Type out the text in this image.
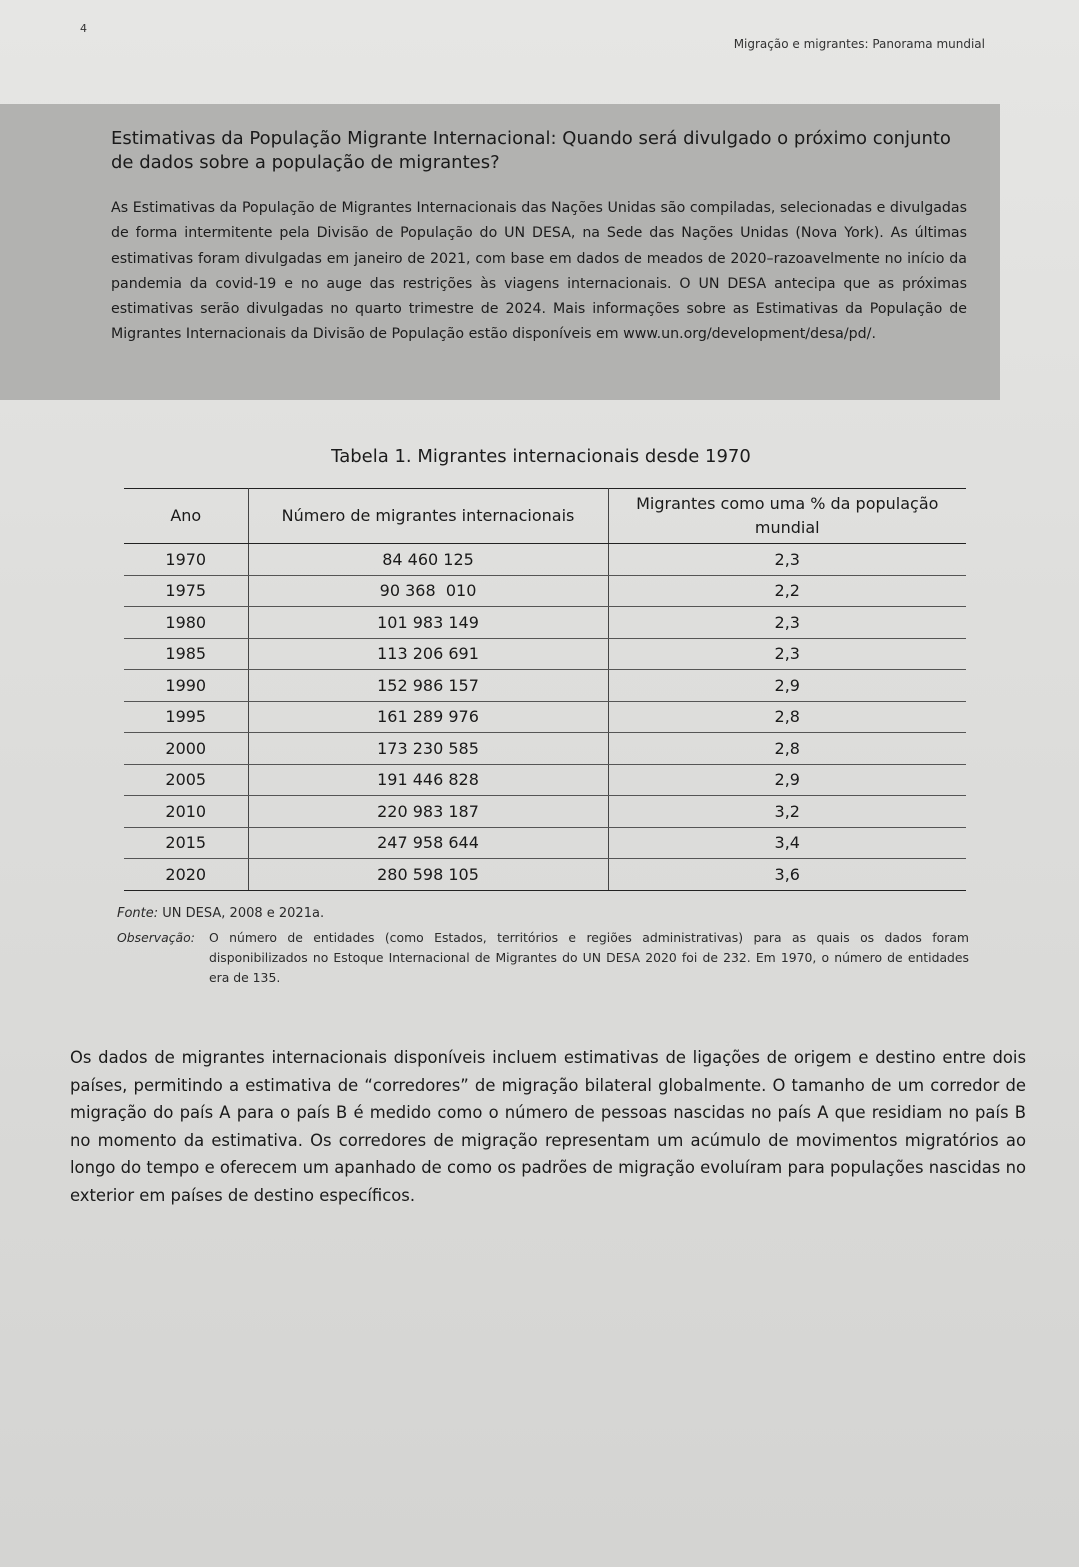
4
Migração e migrantes: Panorama mundial
Estimativas da População Migrante Internacional: Quando será divulgado o próximo conjunto de dados sobre a população de migrantes?
As Estimativas da População de Migrantes Internacionais das Nações Unidas são compiladas, selecionadas e divulgadas de forma intermitente pela Divisão de População do UN DESA, na Sede das Nações Unidas (Nova York). As últimas estimativas foram divulgadas em janeiro de 2021, com base em dados de meados de 2020–razoavelmente no início da pandemia da covid-19 e no auge das restrições às viagens internacionais. O UN DESA antecipa que as próximas estimativas serão divulgadas no quarto trimestre de 2024. Mais informações sobre as Estimativas da População de Migrantes Internacionais da Divisão de População estão disponíveis em www.un.org/development/desa/pd/.
Tabela 1. Migrantes internacionais desde 1970
Ano	Número de migrantes internacionais	Migrantes como uma % da população mundial
1970	84 460 125	2,3
1975	90 368  010	2,2
1980	101 983 149	2,3
1985	113 206 691	2,3
1990	152 986 157	2,9
1995	161 289 976	2,8
2000	173 230 585	2,8
2005	191 446 828	2,9
2010	220 983 187	3,2
2015	247 958 644	3,4
2020	280 598 105	3,6
Fonte: UN DESA, 2008 e 2021a.
Observação: O número de entidades (como Estados, territórios e regiões administrativas) para as quais os dados foram disponibilizados no Estoque Internacional de Migrantes do UN DESA 2020 foi de 232. Em 1970, o número de entidades era de 135.
Os dados de migrantes internacionais disponíveis incluem estimativas de ligações de origem e destino entre dois países, permitindo a estimativa de “corredores” de migração bilateral globalmente. O tamanho de um corredor de migração do país A para o país B é medido como o número de pessoas nascidas no país A que residiam no país B no momento da estimativa. Os corredores de migração representam um acúmulo de movimentos migratórios ao longo do tempo e oferecem um apanhado de como os padrões de migração evoluíram para populações nascidas no exterior em países de destino específicos.
